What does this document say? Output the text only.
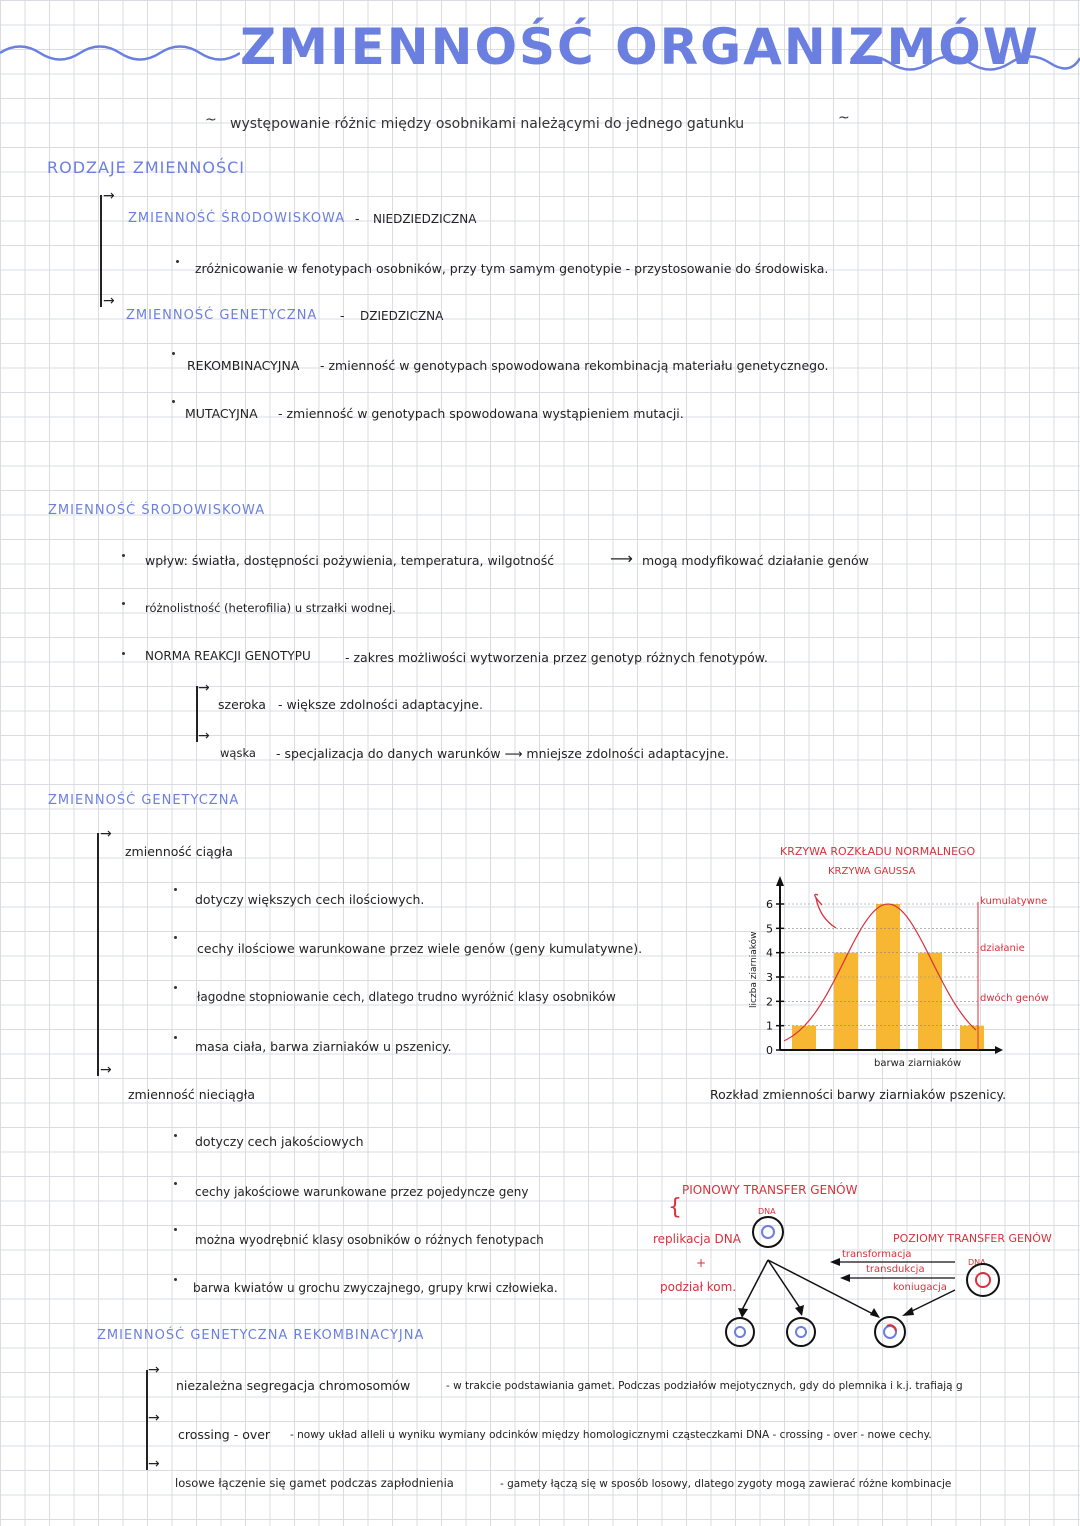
ZMIENNOŚĆ ORGANIZMÓW
~ występowanie różnic między osobnikami należącymi do jednego gatunku	~
RODZAJE ZMIENNOŚCI
→
→
ZMIENNOŚĆ ŚRODOWISKOWA - NIEDZIEDZICZNA
zróżnicowanie w fenotypach osobników, przy tym samym genotypie - przystosowanie do środowiska.
ZMIENNOŚĆ GENETYCZNA - DZIEDZICZNA
REKOMBINACYJNA - zmienność w genotypach spowodowana rekombinacją materiału genetycznego.
MUTACYJNA - zmienność w genotypach spowodowana wystąpieniem mutacji.
ZMIENNOŚĆ ŚRODOWISKOWA
wpływ: światła, dostępności pożywienia, temperatura, wilgotność	⟶ mogą modyfikować działanie genów
różnolistność (heterofilia) u strzałki wodnej.
NORMA REAKCJI GENOTYPU	- zakres możliwości wytworzenia przez genotyp różnych fenotypów.
→
→
szeroka - większe zdolności adaptacyjne.
wąska - specjalizacja do danych warunków ⟶ mniejsze zdolności adaptacyjne.
ZMIENNOŚĆ GENETYCZNA
→
→
zmienność ciągła
dotyczy większych cech ilościowych.
cechy ilościowe warunkowane przez wiele genów (geny kumulatywne).
łagodne stopniowanie cech, dlatego trudno wyróżnić klasy osobników
masa ciała, barwa ziarniaków u pszenicy.
zmienność nieciągła
dotyczy cech jakościowych
cechy jakościowe warunkowane przez pojedyncze geny
można wyodrębnić klasy osobników o różnych fenotypach
barwa kwiatów u grochu zwyczajnego, grupy krwi człowieka.
KRZYWA ROZKŁADU NORMALNEGO
KRZYWA GAUSSA
0
1
2
3
4
5
6	kumulatywne
działanie
dwóch genów
barwa ziarniaków
liczba ziarniaków
Rozkład zmienności barwy ziarniaków pszenicy.
PIONOWY TRANSFER GENÓW
{
replikacja DNA
+
podział kom.
DNA
POZIOMY TRANSFER GENÓW
DNA
transformacja
transdukcja
koniugacja
ZMIENNOŚĆ GENETYCZNA REKOMBINACYJNA
→
→
→
niezależna segregacja chromosomów	- w trakcie podstawiania gamet. Podczas podziałów mejotycznych, gdy do plemnika i k.j. trafiają g
crossing - over - nowy układ alleli u wyniku wymiany odcinków między homologicznymi cząsteczkami DNA - crossing - over - nowe cechy.
losowe łączenie się gamet podczas zapłodnienia	- gamety łączą się w sposób losowy, dlatego zygoty mogą zawierać różne kombinacje
